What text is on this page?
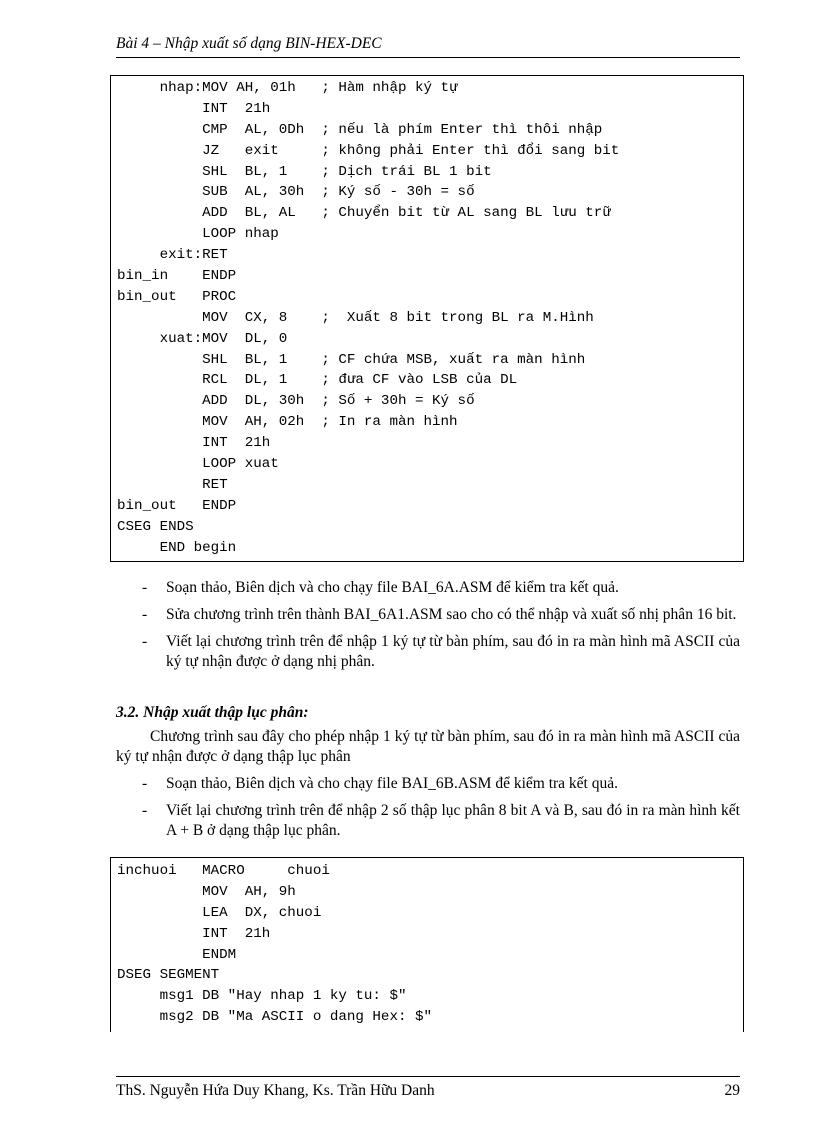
Bài 4 – Nhập xuất số dạng BIN-HEX-DEC
nhap:MOV AH, 01h   ; Hàm nhập ký tự
INT  21h
CMP  AL, 0Dh  ; nếu là phím Enter thì thôi nhập
JZ   exit     ; không phải Enter thì đổi sang bit
SHL  BL, 1    ; Dịch trái BL 1 bit
SUB  AL, 30h  ; Ký số - 30h = số
ADD  BL, AL   ; Chuyển bit từ AL sang BL lưu trữ
LOOP nhap
exit:RET
bin_in    ENDP
bin_out   PROC
MOV  CX, 8    ;  Xuất 8 bit trong BL ra M.Hình
xuat:MOV  DL, 0
SHL  BL, 1    ; CF chứa MSB, xuất ra màn hình
RCL  DL, 1    ; đưa CF vào LSB của DL
ADD  DL, 30h  ; Số + 30h = Ký số
MOV  AH, 02h  ; In ra màn hình
INT  21h
LOOP xuat
RET
bin_out   ENDP
CSEG ENDS
END begin
- Soạn thảo, Biên dịch và cho chạy file BAI_6A.ASM để kiểm tra kết quả.
- Sửa chương trình trên thành BAI_6A1.ASM sao cho có thể nhập và xuất số nhị phân 16 bit.
- Viết lại chương trình trên để nhập 1 ký tự từ bàn phím, sau đó in ra màn hình mã ASCII của ký tự nhận được ở dạng nhị phân.
3.2. Nhập xuất thập lục phân:
Chương trình sau đây cho phép nhập 1 ký tự từ bàn phím, sau đó in ra màn hình mã ASCII của ký tự nhận được ở dạng thập lục phân
- Soạn thảo, Biên dịch và cho chạy file BAI_6B.ASM để kiểm tra kết quả.
- Viết lại chương trình trên để nhập 2 số thập lục phân 8 bit A và B, sau đó in ra màn hình kết A + B ở dạng thập lục phân.
inchuoi   MACRO     chuoi
MOV  AH, 9h
LEA  DX, chuoi
INT  21h
ENDM
DSEG SEGMENT
msg1 DB "Hay nhap 1 ky tu: $"
msg2 DB "Ma ASCII o dang Hex: $"
ThS. Nguyễn Hứa Duy Khang, Ks. Trần Hữu Danh	29
